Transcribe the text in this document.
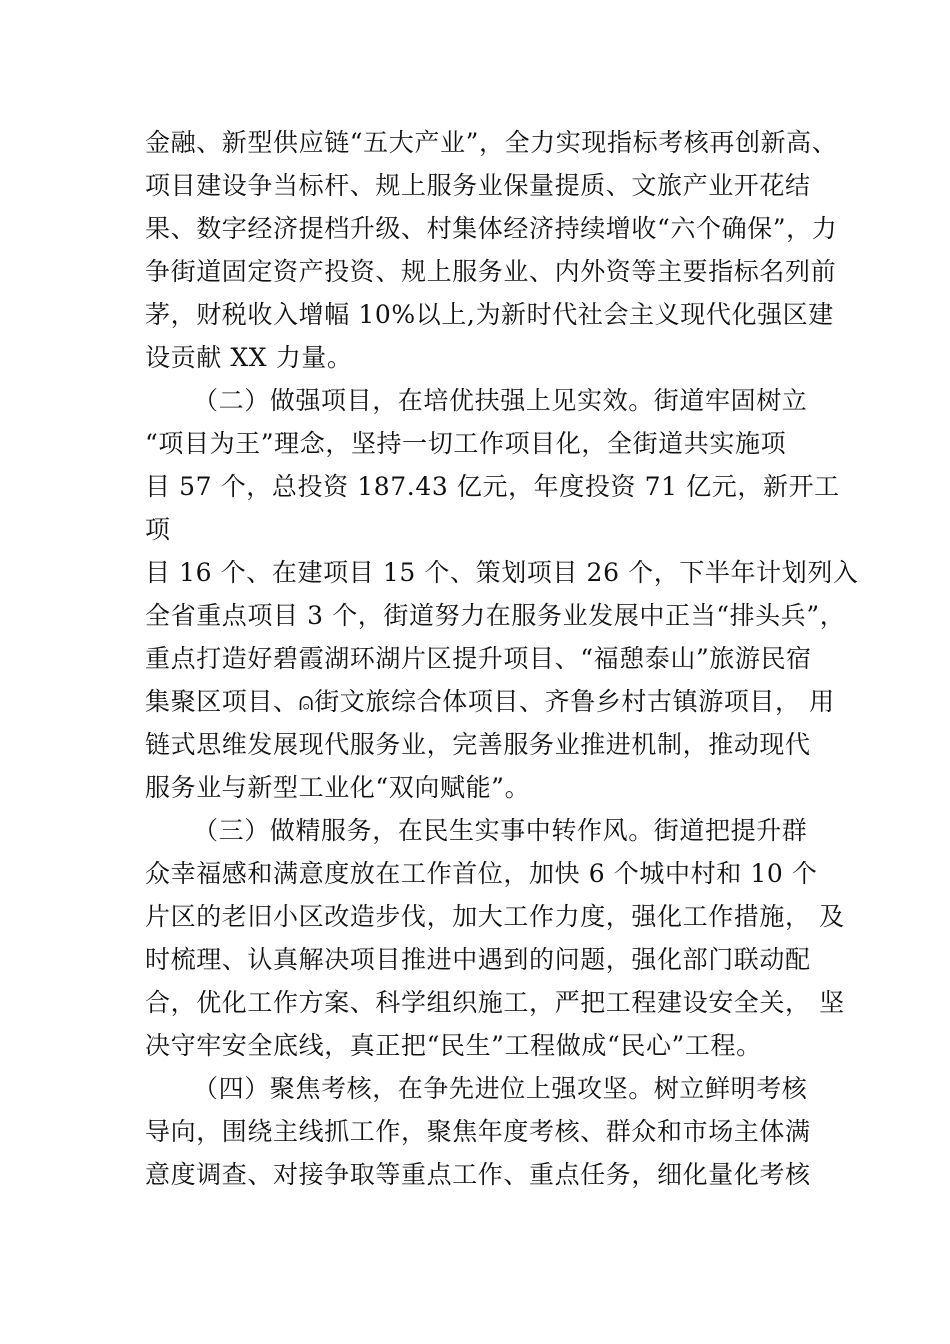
金融、新型供应链“五大产业”，全力实现指标考核再创新高、
项目建设争当标杆、规上服务业保量提质、文旅产业开花结
果、数字经济提档升级、村集体经济持续增收“六个确保”，力
争街道固定资产投资、规上服务业、内外资等主要指标名列前
茅，财税收入增幅 10%以上,为新时代社会主义现代化强区建
设贡献 XX 力量。
（二）做强项目，在培优扶强上见实效。街道牢固树立
“项目为王”理念，坚持一切工作项目化，全街道共实施项
目 57 个，总投资 187.43 亿元，年度投资 71 亿元，新开工
项
目 16 个、在建项目 15 个、策划项目 26 个，下半年计划列入
全省重点项目 3 个，街道努力在服务业发展中正当“排头兵”，
重点打造好碧霞湖环湖片区提升项目、“福憩泰山”旅游民宿
集聚区项目、⍝街文旅综合体项目、齐鲁乡村古镇游项目， 用
链式思维发展现代服务业，完善服务业推进机制，推动现代
服务业与新型工业化“双向赋能”。
（三）做精服务，在民生实事中转作风。街道把提升群
众幸福感和满意度放在工作首位，加快 6 个城中村和 10 个
片区的老旧小区改造步伐，加大工作力度，强化工作措施， 及
时梳理、认真解决项目推进中遇到的问题，强化部门联动配
合，优化工作方案、科学组织施工，严把工程建设安全关， 坚
决守牢安全底线，真正把“民生”工程做成“民心”工程。
（四）聚焦考核，在争先进位上强攻坚。树立鲜明考核
导向，围绕主线抓工作，聚焦年度考核、群众和市场主体满
意度调查、对接争取等重点工作、重点任务，细化量化考核
